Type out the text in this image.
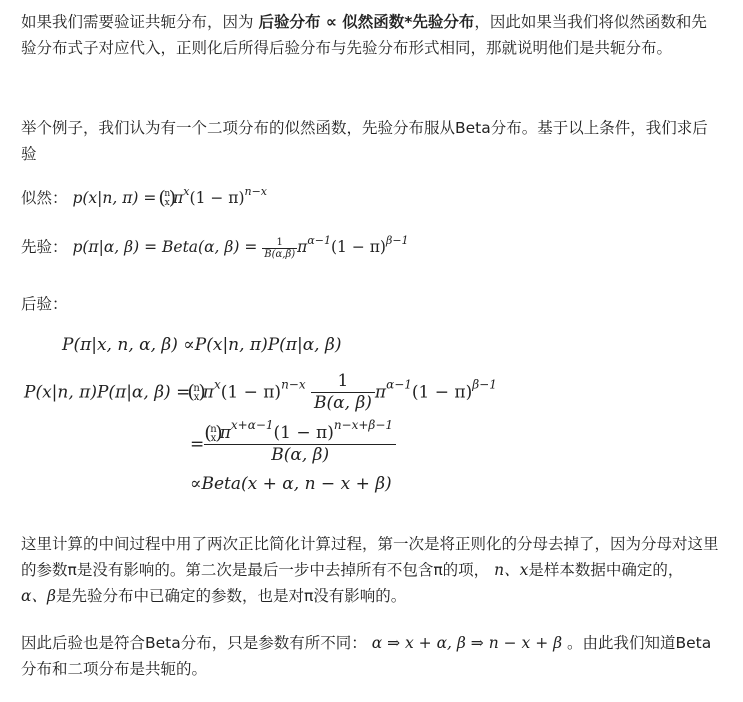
如果我们需要验证共轭分布，因为 后验分布 ∝ 似然函数*先验分布，因此如果当我们将似然函数和先验分布式子对应代入，正则化后所得后验分布与先验分布形式相同，那就说明他们是共轭分布。

举个例子，我们认为有一个二项分布的似然函数，先验分布服从Beta分布。基于以上条件，我们求后验

似然： p(x|n, π) = ( n
x
) $\pi^x(1 - \pi)^{n-x}$

先验： p(π|α, β) = Beta(α, $\beta) = \frac{1}{B(\alpha,\beta)} \pi^{\alpha-1}(1 - \pi)^{\beta-1}$

后验：

P(π|x, n, α, β) ∝P(x|n, π)P(π|α, β)
P(x|n, π)P(π|α, β) = ( n
x
) $\pi^x(1 - \pi)^{n-x} \frac{1}{B(\alpha, \beta)} \pi^{\alpha-1}(1 - \pi)^{\beta-1}$
= ( n
x
) $\pi^{x+\alpha-1}(1 - \pi)^{n-x+\beta-1}$
B(α, β)
∝Beta(x + α, n − x + β)

这里计算的中间过程中用了两次正比简化计算过程，第一次是将正则化的分母去掉了，因为分母对这里的参数π是没有影响的。第二次是最后一步中去掉所有不包含π的项， n、x是样本数据中确定的， α、β是先验分布中已确定的参数，也是对π没有影响的。

因此后验也是符合Beta分布，只是参数有所不同： α ⇒ x + α, β ⇒ n − x + β 。由此我们知道Beta分布和二项分布是共轭的。
